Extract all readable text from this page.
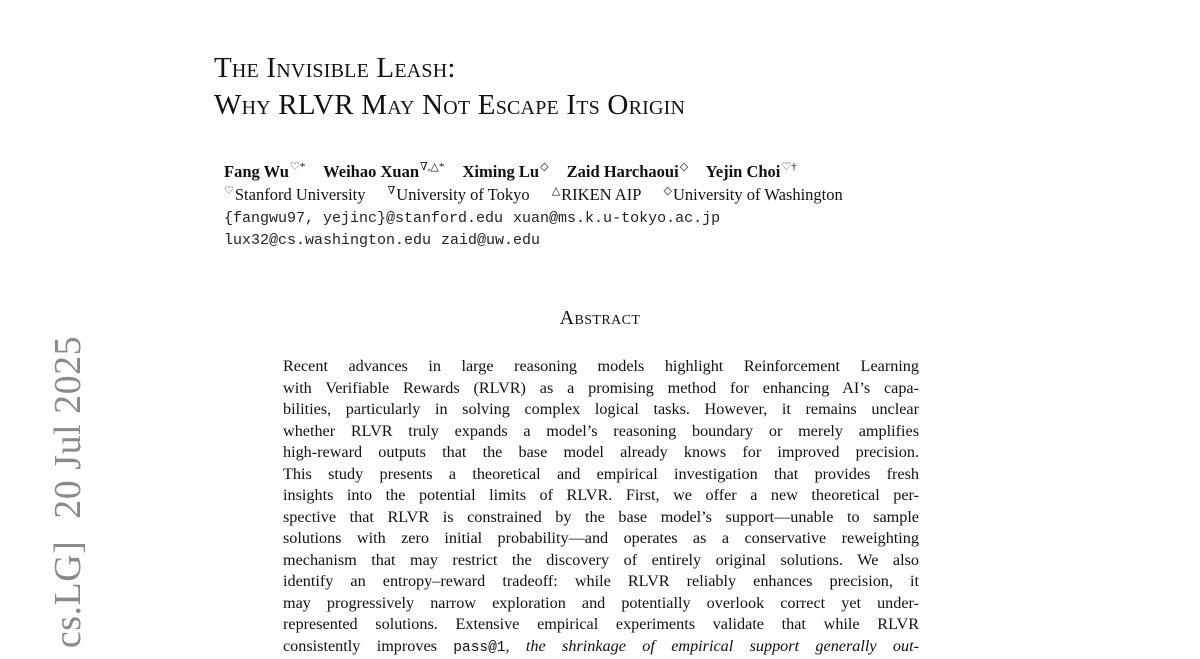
cs.LG]20 Jul 2025
The Invisible Leash:
Why RLVR May Not Escape Its Origin
Fang Wu♡* Weihao Xuan∇,△* Ximing Lu◇ Zaid Harchaoui◇ Yejin Choi♡†
♡Stanford University ∇University of Tokyo △RIKEN AIP ◇University of Washington
{fangwu97, yejinc}@stanford.edu xuan@ms.k.u-tokyo.ac.jp
lux32@cs.washington.edu zaid@uw.edu
Abstract
Recent advances in large reasoning models highlight Reinforcement Learning
with Verifiable Rewards (RLVR) as a promising method for enhancing AI’s capa-
bilities, particularly in solving complex logical tasks. However, it remains unclear
whether RLVR truly expands a model’s reasoning boundary or merely amplifies
high-reward outputs that the base model already knows for improved precision.
This study presents a theoretical and empirical investigation that provides fresh
insights into the potential limits of RLVR. First, we offer a new theoretical per-
spective that RLVR is constrained by the base model’s support—unable to sample
solutions with zero initial probability—and operates as a conservative reweighting
mechanism that may restrict the discovery of entirely original solutions. We also
identify an entropy–reward tradeoff: while RLVR reliably enhances precision, it
may progressively narrow exploration and potentially overlook correct yet under-
represented solutions. Extensive empirical experiments validate that while RLVR
consistently improves pass@1, the shrinkage of empirical support generally out-
